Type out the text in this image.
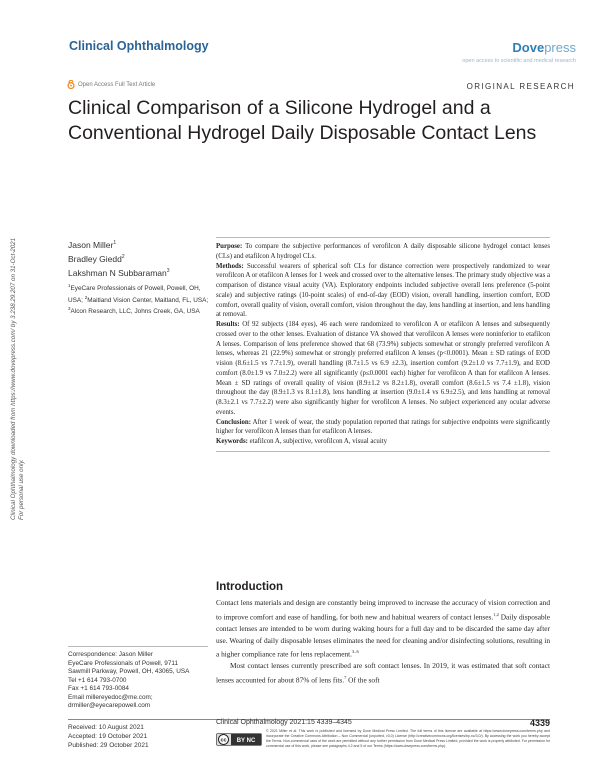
Clinical Ophthalmology	Dovepress
open access to scientific and medical research
Open Access Full Text Article	ORIGINAL RESEARCH
Clinical Comparison of a Silicone Hydrogel and a Conventional Hydrogel Daily Disposable Contact Lens
Clinical Ophthalmology downloaded from https://www.dovepress.com/ by 3.238.29.207 on 31-Oct-2021 For personal use only.
Jason Miller$^1$
Bradley Giedd$^2$
Lakshman N Subbaraman$^3$
$^1$EyeCare Professionals of Powell, Powell, OH, USA; $^2$Maitland Vision Center, Maitland, FL, USA; $^3$Alcon Research, LLC, Johns Creek, GA, USA

Purpose: To compare the subjective performances of verofilcon A daily disposable silicone hydrogel contact lenses (CLs) and etafilcon A hydrogel CLs.

Methods: Successful wearers of spherical soft CLs for distance correction were prospectively randomized to wear verofilcon A or etafilcon A lenses for 1 week and crossed over to the alternative lenses. The primary study objective was a comparison of distance visual acuity (VA). Exploratory endpoints included subjective overall lens preference (5-point scale) and subjective ratings (10-point scales) of end-of-day (EOD) vision, overall handling, insertion comfort, EOD comfort, overall quality of vision, overall comfort, vision throughout the day, lens handling at insertion, and lens handling at removal.

Results: Of 92 subjects (184 eyes), 46 each were randomized to verofilcon A or etafilcon A lenses and subsequently crossed over to the other lenses. Evaluation of distance VA showed that verofilcon A lenses were noninferior to etafilcon A lenses. Comparison of lens preference showed that 68 (73.9%) subjects somewhat or strongly preferred verofilcon A lenses, whereas 21 (22.9%) somewhat or strongly preferred etafilcon A lenses (p<0.0001). Mean ± SD ratings of EOD vision (8.6±1.5 vs 7.7±1.9), overall handling (8.7±1.5 vs 6.9 ±2.3), insertion comfort (9.2±1.0 vs 7.7±1.9), and EOD comfort (8.0±1.9 vs 7.0±2.2) were all significantly (p≤0.0001 each) higher for verofilcon A than for etafilcon A lenses. Mean ± SD ratings of overall quality of vision (8.9±1.2 vs 8.2±1.8), overall comfort (8.6±1.5 vs 7.4 ±1.8), vision throughout the day (8.9±1.3 vs 8.1±1.8), lens handling at insertion (9.0±1.4 vs 6.9±2.5), and lens handling at removal (8.3±2.1 vs 7.7±2.2) were also significantly higher for verofilcon A lenses. No subject experienced any ocular adverse events.

Conclusion: After 1 week of wear, the study population reported that ratings for subjective endpoints were significantly higher for verofilcon A lenses than for etafilcon A lenses.

Keywords: etafilcon A, subjective, verofilcon A, visual acuity

Introduction

Contact lens materials and design are constantly being improved to increase the accuracy of vision correction and to improve comfort and ease of handling, for both new and habitual wearers of contact lenses.$^{1,2}$ Daily disposable contact lenses are intended to be worn during waking hours for a full day and to be discarded the same day after use. Wearing of daily disposable lenses eliminates the need for cleaning and/or disinfecting solutions, resulting in a higher compliance rate for lens replacement.$^{3-6}$

Most contact lenses currently prescribed are soft contact lenses. In 2019, it was estimated that soft contact lenses accounted for about 87% of lens fits.$^7$ Of the soft

Correspondence: Jason Miller
EyeCare Professionals of Powell, 9711
Sawmill Parkway, Powell, OH, 43065, USA
Tel +1 614 793-0700
Fax +1 614 793-0084
Email millereyedoc@me.com;
drmiller@eyecarepowell.com
Received: 10 August 2021
Accepted: 19 October 2021
Published: 29 October 2021
Clinical Ophthalmology 2021:15 4339–4345	4339
cc BY NC
© 2021 Miller et al. This work is published and licensed by Dove Medical Press Limited. The full terms of this license are available at https://www.dovepress.com/terms.php and incorporate the Creative Commons Attribution – Non Commercial (unported, v3.0) License (http://creativecommons.org/licenses/by-nc/3.0/). By accessing the work you hereby accept the Terms. Non-commercial uses of the work are permitted without any further permission from Dove Medical Press Limited, provided the work is properly attributed. For permission for commercial use of this work, please see paragraphs 4.2 and 5 of our Terms (https://www.dovepress.com/terms.php).
